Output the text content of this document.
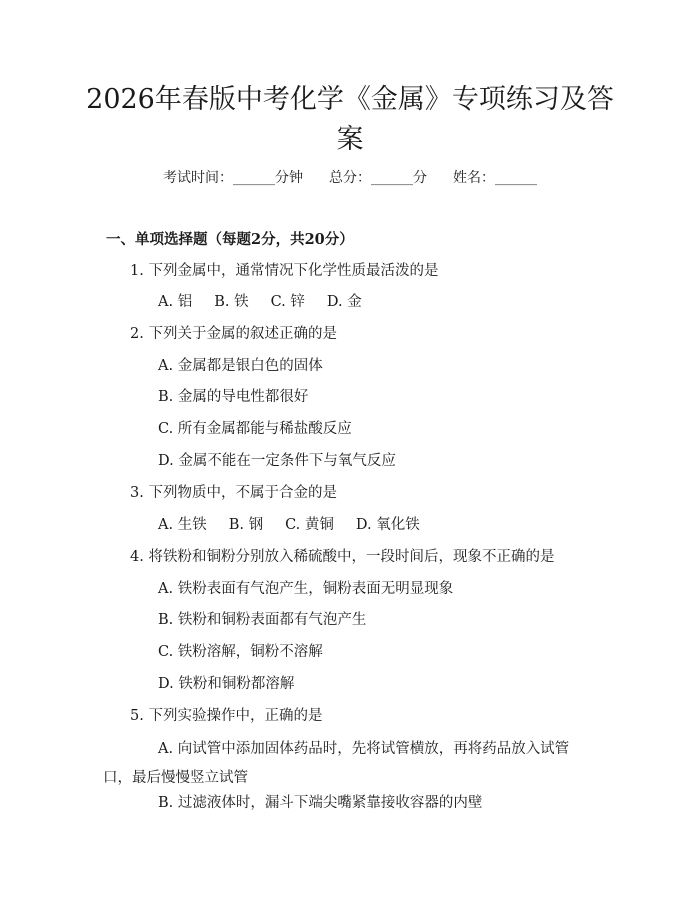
2026年春版中考化学《金属》专项练习及答案
考试时间：______分钟 总分：______分 姓名：______
一、单项选择题（每题2分，共20分）
1. 下列金属中，通常情况下化学性质最活泼的是
A. 铝 B. 铁 C. 锌 D. 金
2. 下列关于金属的叙述正确的是
A. 金属都是银白色的固体
B. 金属的导电性都很好
C. 所有金属都能与稀盐酸反应
D. 金属不能在一定条件下与氧气反应
3. 下列物质中，不属于合金的是
A. 生铁 B. 钢 C. 黄铜 D. 氧化铁
4. 将铁粉和铜粉分别放入稀硫酸中，一段时间后，现象不正确的是
A. 铁粉表面有气泡产生，铜粉表面无明显现象
B. 铁粉和铜粉表面都有气泡产生
C. 铁粉溶解，铜粉不溶解
D. 铁粉和铜粉都溶解
5. 下列实验操作中，正确的是
A. 向试管中添加固体药品时，先将试管横放，再将药品放入试管口，最后慢慢竖立试管
B. 过滤液体时，漏斗下端尖嘴紧靠接收容器的内壁
